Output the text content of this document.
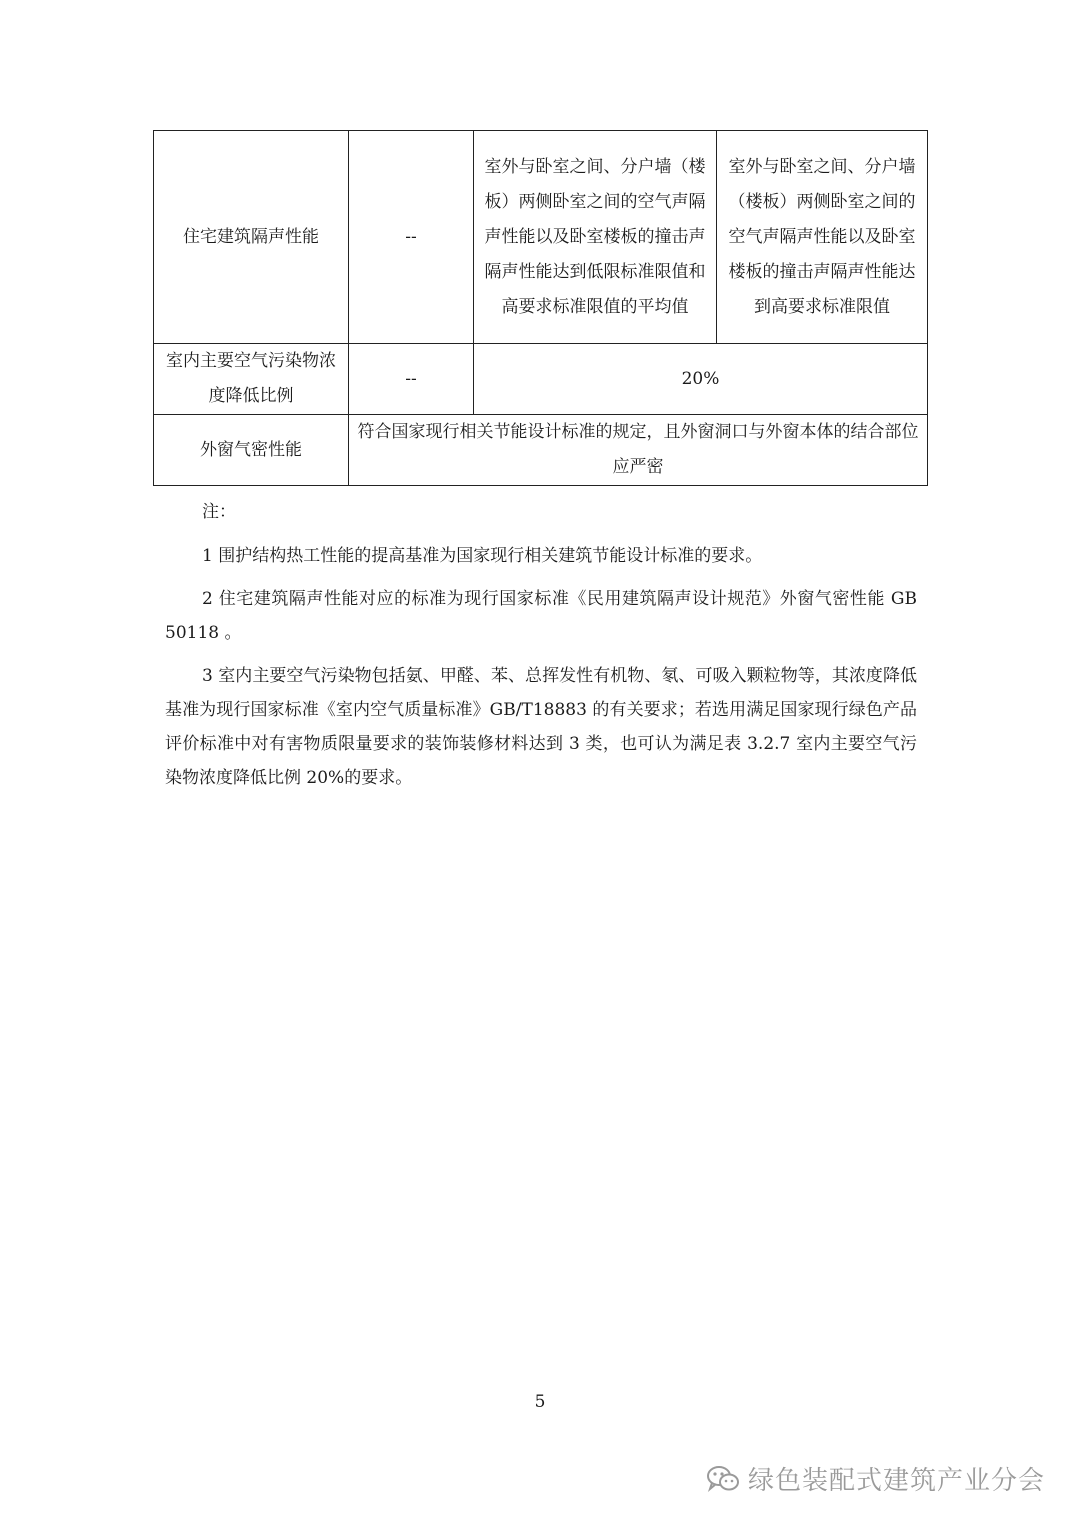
住宅建筑隔声性能	--	室外与卧室之间、分户墙（楼板）两侧卧室之间的空气声隔声性能以及卧室楼板的撞击声隔声性能达到低限标准限值和高要求标准限值的平均值	室外与卧室之间、分户墙（楼板）两侧卧室之间的空气声隔声性能以及卧室楼板的撞击声隔声性能达到高要求标准限值
室内主要空气污染物浓度降低比例	--	20%	
外窗气密性能	符合国家现行相关节能设计标准的规定，且外窗洞口与外窗本体的结合部位应严密		

注：

1 围护结构热工性能的提高基准为国家现行相关建筑节能设计标准的要求。

2 住宅建筑隔声性能对应的标准为现行国家标准《民用建筑隔声设计规范》外窗气密性能 GB 50118 。

3 室内主要空气污染物包括氨、甲醛、苯、总挥发性有机物、氡、可吸入颗粒物等，其浓度降低基准为现行国家标准《室内空气质量标准》GB/T18883 的有关要求；若选用满足国家现行绿色产品评价标准中对有害物质限量要求的装饰装修材料达到 3 类，也可认为满足表 3.2.7 室内主要空气污染物浓度降低比例 20%的要求。

5
绿色装配式建筑产业分会
